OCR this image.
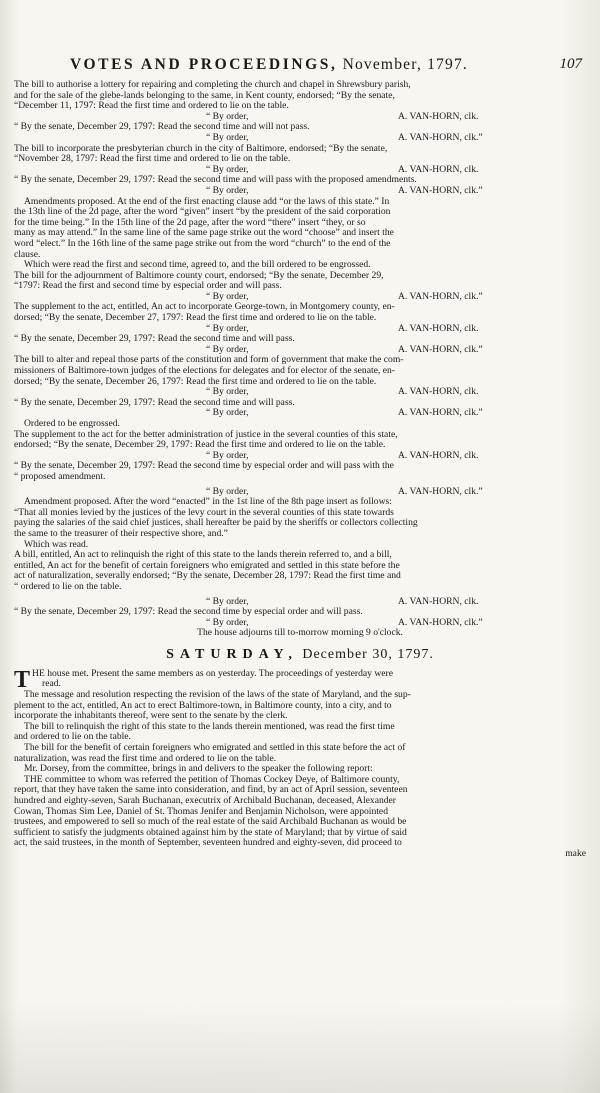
VOTES AND PROCEEDINGS, November, 1797.	107
The bill to authorise a lottery for repairing and completing the church and chapel in Shrewsbury parish,
and for the sale of the glebe-lands belonging to the same, in Kent county, endorsed; “By the senate,
“December 11, 1797: Read the first time and ordered to lie on the table.
“ By order,	A. VAN-HORN, clk.
“ By the senate, December 29, 1797: Read the second time and will not pass.
“ By order,	A. VAN-HORN, clk.”
The bill to incorporate the presbyterian church in the city of Baltimore, endorsed; “By the senate,
“November 28, 1797: Read the first time and ordered to lie on the table.
“ By order,	A. VAN-HORN, clk.
“ By the senate, December 29, 1797: Read the second time and will pass with the proposed amendments.
“ By order,	A. VAN-HORN, clk.”
Amendments proposed. At the end of the first enacting clause add “or the laws of this state.” In
the 13th line of the 2d page, after the word “given” insert “by the president of the said corporation
for the time being.” In the 15th line of the 2d page, after the word “there” insert “they, or so
many as may attend.” In the same line of the same page strike out the word “choose” and insert the
word “elect.” In the 16th line of the same page strike out from the word “church” to the end of the
clause.
Which were read the first and second time, agreed to, and the bill ordered to be engrossed.
The bill for the adjournment of Baltimore county court, endorsed; “By the senate, December 29,
“1797: Read the first and second time by especial order and will pass.
“ By order,	A. VAN-HORN, clk.”
The supplement to the act, entitled, An act to incorporate George-town, in Montgomery county, en-
dorsed; “By the senate, December 27, 1797: Read the first time and ordered to lie on the table.
“ By order,	A. VAN-HORN, clk.
“ By the senate, December 29, 1797: Read the second time and will pass.
“ By order,	A. VAN-HORN, clk.”
The bill to alter and repeal those parts of the constitution and form of government that make the com-
missioners of Baltimore-town judges of the elections for delegates and for elector of the senate, en-
dorsed; “By the senate, December 26, 1797: Read the first time and ordered to lie on the table.
“ By order,	A. VAN-HORN, clk.
“ By the senate, December 29, 1797: Read the second time and will pass.
“ By order,	A. VAN-HORN, clk.”
Ordered to be engrossed.
The supplement to the act for the better administration of justice in the several counties of this state,
endorsed; “By the senate, December 29, 1797: Read the first time and ordered to lie on the table.
“ By order,	A. VAN-HORN, clk.
“ By the senate, December 29, 1797: Read the second time by especial order and will pass with the
“ proposed amendment.
“ By order,	A. VAN-HORN, clk.”
Amendment proposed. After the word “enacted” in the 1st line of the 8th page insert as follows:
“That all monies levied by the justices of the levy court in the several counties of this state towards
paying the salaries of the said chief justices, shall hereafter be paid by the sheriffs or collectors collecting
the same to the treasurer of their respective shore, and.”
Which was read.
A bill, entitled, An act to relinquish the right of this state to the lands therein referred to, and a bill,
entitled, An act for the benefit of certain foreigners who emigrated and settled in this state before the
act of naturalization, severally endorsed; “By the senate, December 28, 1797: Read the first time and
“ ordered to lie on the table.
“ By order,	A. VAN-HORN, clk.
“ By the senate, December 29, 1797: Read the second time by especial order and will pass.
“ By order,	A. VAN-HORN, clk.”
The house adjourns till to-morrow morning 9 o'clock.
SATURDAY, December 30, 1797.
T HE house met. Present the same members as on yesterday. The proceedings of yesterday were
read.
The message and resolution respecting the revision of the laws of the state of Maryland, and the sup-
plement to the act, entitled, An act to erect Baltimore-town, in Baltimore county, into a city, and to
incorporate the inhabitants thereof, were sent to the senate by the clerk.
The bill to relinquish the right of this state to the lands therein mentioned, was read the first time
and ordered to lie on the table.
The bill for the benefit of certain foreigners who emigrated and settled in this state before the act of
naturalization, was read the first time and ordered to lie on the table.
Mr. Dorsey, from the committee, brings in and delivers to the speaker the following report:
THE committee to whom was referred the petition of Thomas Cockey Deye, of Baltimore county,
report, that they have taken the same into consideration, and find, by an act of April session, seventeen
hundred and eighty-seven, Sarah Buchanan, executrix of Archibald Buchanan, deceased, Alexander
Cowan, Thomas Sim Lee, Daniel of St. Thomas Jenifer and Benjamin Nicholson, were appointed
trustees, and empowered to sell so much of the real estate of the said Archibald Buchanan as would be
sufficient to satisfy the judgments obtained against him by the state of Maryland; that by virtue of said
act, the said trustees, in the month of September, seventeen hundred and eighty-seven, did proceed to
make
